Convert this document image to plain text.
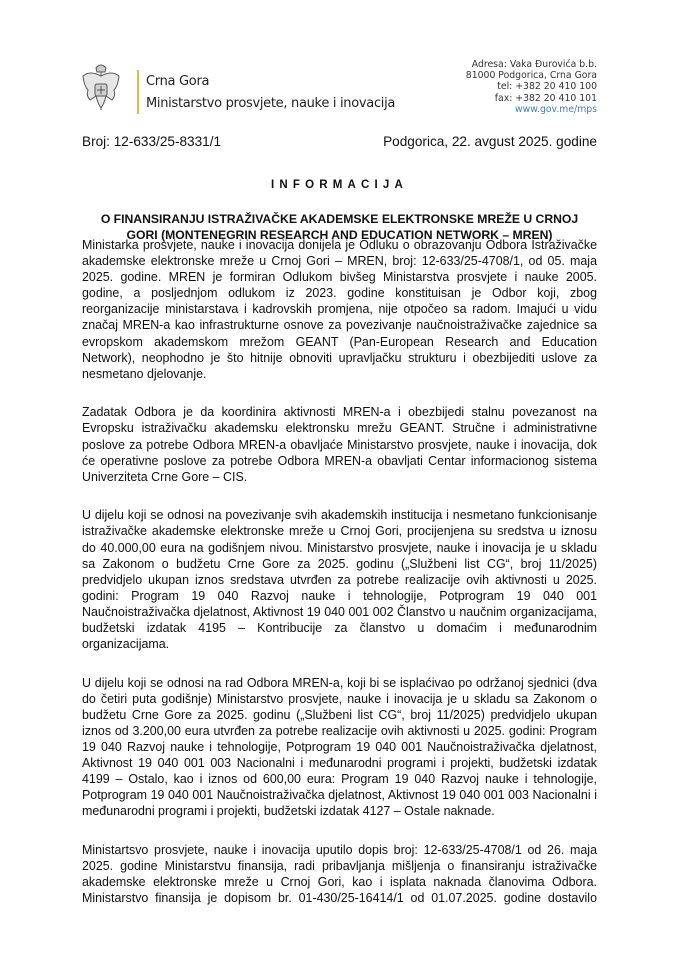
Crna Gora
Ministarstvo prosvjete, nauke i inovacija
Adresa: Vaka Đurovića b.b.
81000 Podgorica, Crna Gora
tel: +382 20 410 100
fax: +382 20 410 101
www.gov.me/mps
Broj: 12-633/25-8331/1	Podgorica, 22. avgust 2025. godine
INFORMACIJA
O FINANSIRANJU ISTRAŽIVAČKE AKADEMSKE ELEKTRONSKE MREŽE U CRNOJ
GORI (MONTENEGRIN RESEARCH AND EDUCATION NETWORK – MREN)

Ministarka prosvjete, nauke i inovacija donijela je Odluku o obrazovanju Odbora Istraživačke akademske elektronske mreže u Crnoj Gori – MREN, broj: 12-633/25-4708/1, od 05. maja 2025. godine. MREN je formiran Odlukom bivšeg Ministarstva prosvjete i nauke 2005. godine, a posljednjom odlukom iz 2023. godine konstituisan je Odbor koji, zbog reorganizacije ministarstava i kadrovskih promjena, nije otpočeo sa radom. Imajući u vidu značaj MREN-a kao infrastrukturne osnove za povezivanje naučnoistraživačke zajednice sa evropskom akademskom mrežom GEANT (Pan-European Research and Education Network), neophodno je što hitnije obnoviti upravljačku strukturu i obezbijediti uslove za nesmetano djelovanje.

Zadatak Odbora je da koordinira aktivnosti MREN-a i obezbijedi stalnu povezanost na Evropsku istraživačku akademsku elektronsku mrežu GEANT. Stručne i administrativne poslove za potrebe Odbora MREN-a obavljaće Ministarstvo prosvjete, nauke i inovacija, dok će operativne poslove za potrebe Odbora MREN-a obavljati Centar informacionog sistema Univerziteta Crne Gore – CIS.

U dijelu koji se odnosi na povezivanje svih akademskih institucija i nesmetano funkcionisanje istraživačke akademske elektronske mreže u Crnoj Gori, procijenjena su sredstva u iznosu do 40.000,00 eura na godišnjem nivou. Ministarstvo prosvjete, nauke i inovacija je u skladu sa Zakonom o budžetu Crne Gore za 2025. godinu („Službeni list CG“, broj 11/2025) predvidjelo ukupan iznos sredstava utvrđen za potrebe realizacije ovih aktivnosti u 2025. godini: Program 19 040 Razvoj nauke i tehnologije, Potprogram 19 040 001 Naučnoistraživačka djelatnost, Aktivnost 19 040 001 002 Članstvo u naučnim organizacijama, budžetski izdatak 4195 – Kontribucije za članstvo u domaćim i međunarodnim organizacijama.

U dijelu koji se odnosi na rad Odbora MREN-a, koji bi se isplaćivao po održanoj sjednici (dva do četiri puta godišnje) Ministarstvo prosvjete, nauke i inovacija je u skladu sa Zakonom o budžetu Crne Gore za 2025. godinu („Službeni list CG“, broj 11/2025) predvidjelo ukupan iznos od 3.200,00 eura utvrđen za potrebe realizacije ovih aktivnosti u 2025. godini: Program 19 040 Razvoj nauke i tehnologije, Potprogram 19 040 001 Naučnoistraživačka djelatnost, Aktivnost 19 040 001 003 Nacionalni i međunarodni programi i projekti, budžetski izdatak 4199 – Ostalo, kao i iznos od 600,00 eura: Program 19 040 Razvoj nauke i tehnologije, Potprogram 19 040 001 Naučnoistraživačka djelatnost, Aktivnost 19 040 001 003 Nacionalni i međunarodni programi i projekti, budžetski izdatak 4127 – Ostale naknade.

Ministartsvo prosvjete, nauke i inovacija uputilo dopis broj: 12-633/25-4708/1 od 26. maja 2025. godine Ministarstvu finansija, radi pribavljanja mišljenja o finansiranju istraživačke akademske elektronske mreže u Crnoj Gori, kao i isplata naknada članovima Odbora. Ministarstvo finansija je dopisom br. 01-430/25-16414/1 od 01.07.2025. godine dostavilo
